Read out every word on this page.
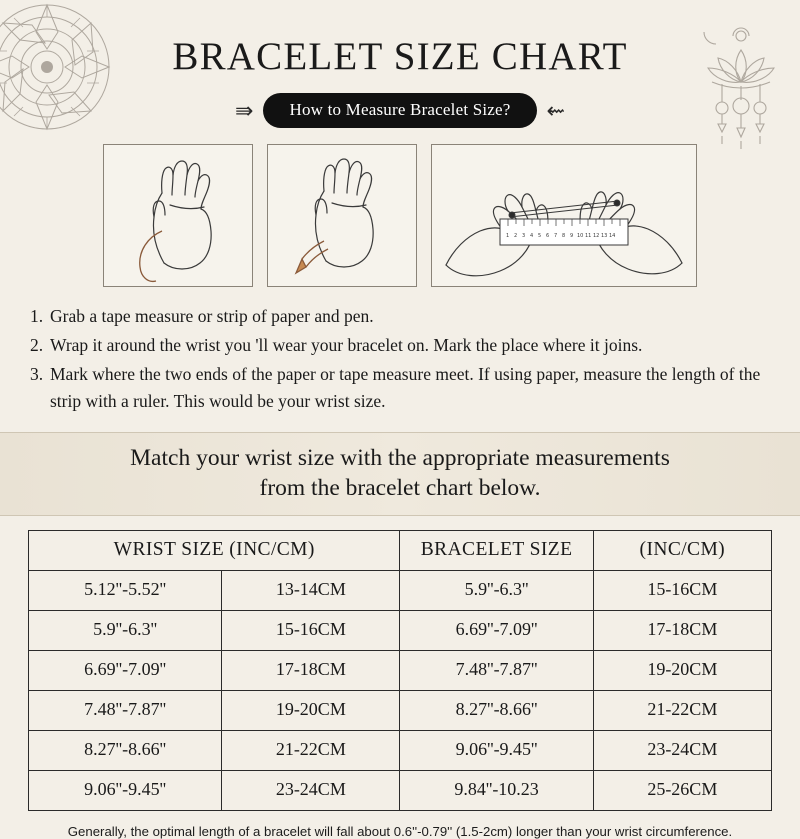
BRACELET SIZE CHART
⇛	How to Measure Bracelet Size?	⇜
1 2 3 4 5 6 7 8 9 10 11 12 13 14
1. Grab a tape measure or strip of paper and pen.
2. Wrap it around the wrist you 'll wear your bracelet on. Mark the place where it joins.
3. Mark where the two ends of the paper or tape measure meet. If using paper, measure the length of the strip with a ruler. This would be your wrist size.
Match your wrist size with the appropriate measurements
from the bracelet chart below.
WRIST SIZE (INC/CM)		BRACELET SIZE	(INC/CM)
5.12''-5.52''	13-14CM	5.9''-6.3''	15-16CM
5.9''-6.3''	15-16CM	6.69''-7.09''	17-18CM
6.69''-7.09''	17-18CM	7.48''-7.87''	19-20CM
7.48''-7.87''	19-20CM	8.27''-8.66''	21-22CM
8.27''-8.66''	21-22CM	9.06''-9.45''	23-24CM
9.06''-9.45''	23-24CM	9.84''-10.23	25-26CM
Generally, the optimal length of a bracelet will fall about 0.6''-0.79'' (1.5-2cm) longer than your wrist circumference.
